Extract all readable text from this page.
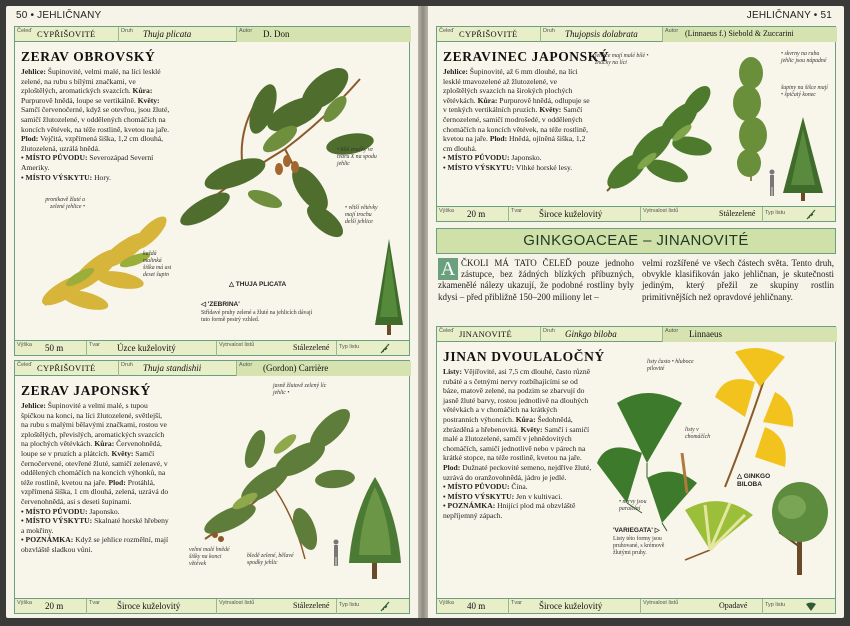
50 • JEHLIČNANY
Čeleď CYPŘIŠOVITÉ	Druh Thuja plicata	Autor D. Don
ZERAV OBROVSKÝ
Jehlice: Šupinovité, velmi malé, na líci lesklé zelené, na rubu s bílými značkami, ve zploštělých, aromatických svazcích. Kůra: Purpurově hnědá, loupe se vertikálně. Květy: Samčí červenočerné, když se otevřou, jsou žluté, samičí žlutozelené, v oddělených chomáčích na koncích větévek, na téže rostlině, kvetou na jaře. Plod: Vejčitá, vzpřímená šiška, 1,2 cm dlouhá, žlutozelená, uzrálá hnědá.
• MÍSTO PŮVODU: Severozápad Severní Ameriky.
• MÍSTO VÝSKYTU: Hory.
• bílé značky ve tvaru X na spodu jehlic
pronikavě žluté a zelené jehlice •	• větší větévky mají trochu delší jehlice
každá malinká šiška má asi deset šupin
△ THUJA PLICATA
◁ 'ZEBRINA'
Střídavé pruhy zelené a žluté na jehlicích dávají tuto formě pestrý vzhled.
Výška 50 m	Tvar Úzce kuželovitý	Vytrvalost listů	Stálezelené Typ listu
Čeleď CYPŘIŠOVITÉ	Druh Thuja standishii	Autor (Gordon) Carrière
ZERAV JAPONSKÝ
Jehlice: Šupinovité a velmi malé, s tupou špičkou na konci, na líci žlutozelené, světlejší, na rubu s malými bělavými značkami, rostou ve zploštělých, převislých, aromatických svazcích na plochých větévkách. Kůra: Červenohnědá, loupe se v pruzích a plátcích. Květy: Samčí černočervené, otevřené žluté, samičí zelenavé, v oddělených chomáčích na koncích výhonků, na téže rostlině, kvetou na jaře. Plod: Protáhlá, vzpřímená šiška, 1 cm dlouhá, zelená, uzrává do červenohnědá, asi s deseti šupinami.
• MÍSTO PŮVODU: Japonsko.
• MÍSTO VÝSKYTU: Skalnaté horské hřebeny a mokřiny.
• POZNÁMKA: Když se jehlice rozmělní, mají obzvláště sladkou vůni.
jasně žlutavě zelený líc jehlic •
velmi malé hnědé šišky na konci větévek
bledě zelené, bělavé spodky jehlic
Výška 20 m	Tvar Široce kuželovitý	Vytrvalost listů	Stálezelené Typ listu
JEHLIČNANY • 51
Čeleď CYPŘIŠOVITÉ	Druh Thujopsis dolabrata	Autor (Linnaeus f.) Siebold & Zuccarini
ZERAVINEC JAPONSKÝ
Jehlice: Šupinovité, až 6 mm dlouhé, na líci lesklé tmavozelené až žlutozelené, ve zploštělých svazcích na širokých plochých větévkách. Kůra: Purpurově hnědá, odlupuje se v tenkých vertikálních pruzích. Květy: Samčí černozelené, samičí modrošedé, v oddělených chomáčích na koncích větévek, na téže rostlině, kvetou na jaře. Plod: Hnědá, ojíněná šiška, 1,2 cm dlouhá.
• MÍSTO PŮVODU: Japonsko.
• MÍSTO VÝSKYTU: Vlhké horské lesy.
jehlice mají malé bílé • značky na líci
• skvrny na rubu jehlic jsou nápadné
šupiny na šišce mají • špičatý konec
Výška 20 m	Tvar Široce kuželovitý	Vytrvalost listů	Stálezelené Typ listu
GINKGOACEAE – JINANOVITÉ
A ČKOLI MÁ TATO ČELEĎ pouze jednoho zástupce, bez žádných blízkých příbuzných, zkamenělé nálezy ukazují, že podobné rostliny byly kdysi – před přibližně 150–200 miliony let –
velmi rozšířené ve všech částech světa. Tento druh, obvykle klasifikován jako jehličnan, je skutečnosti jediným, který přežil ze skupiny rostlin primitivnějších než opravdové jehličnany.
Čeleď JINANOVITÉ	Druh Ginkgo biloba	Autor Linnaeus
JINAN DVOULALOČNÝ
Listy: Vějířovité, asi 7,5 cm dlouhé, často různě rubáté a s četnými nervy rozbíhajícími se od báze, matově zelené, na podzim se zbarvují do jasně žluté barvy, rostou jednotlivě na dlouhých větévkách a v chomáčích na krátkých postranních výhoncích. Kůra: Šedohnědá, zbrázděná a hřebenovitá. Květy: Samčí i samičí malé a žlutozelené, samčí v jehnědovitých chomáčích, samičí jednotlivě nebo v párech na krátké stopce, na téže rostlině, kvetou na jaře. Plod: Dužnaté peckovité semeno, nejdříve žluté, uzrává do oranžovohnědá, jádro je jedlé.
• MÍSTO PŮVODU: Čína.
• MÍSTO VÝSKYTU: Jen v kultivaci.
• POZNÁMKA: Hnijící plod má obzvláště nepříjemný zápach.
listy často • hluboce pilovité
listy v chomáčích
• nervy jsou paralelní
△ GINKGO BILOBA
'VARIEGATA' ▷
Listy této formy jsou pruhované, s krémově žlutými pruhy.
Výška 40 m	Tvar Široce kuželovitý	Vytrvalost listů	Opadavé	Typ listu
